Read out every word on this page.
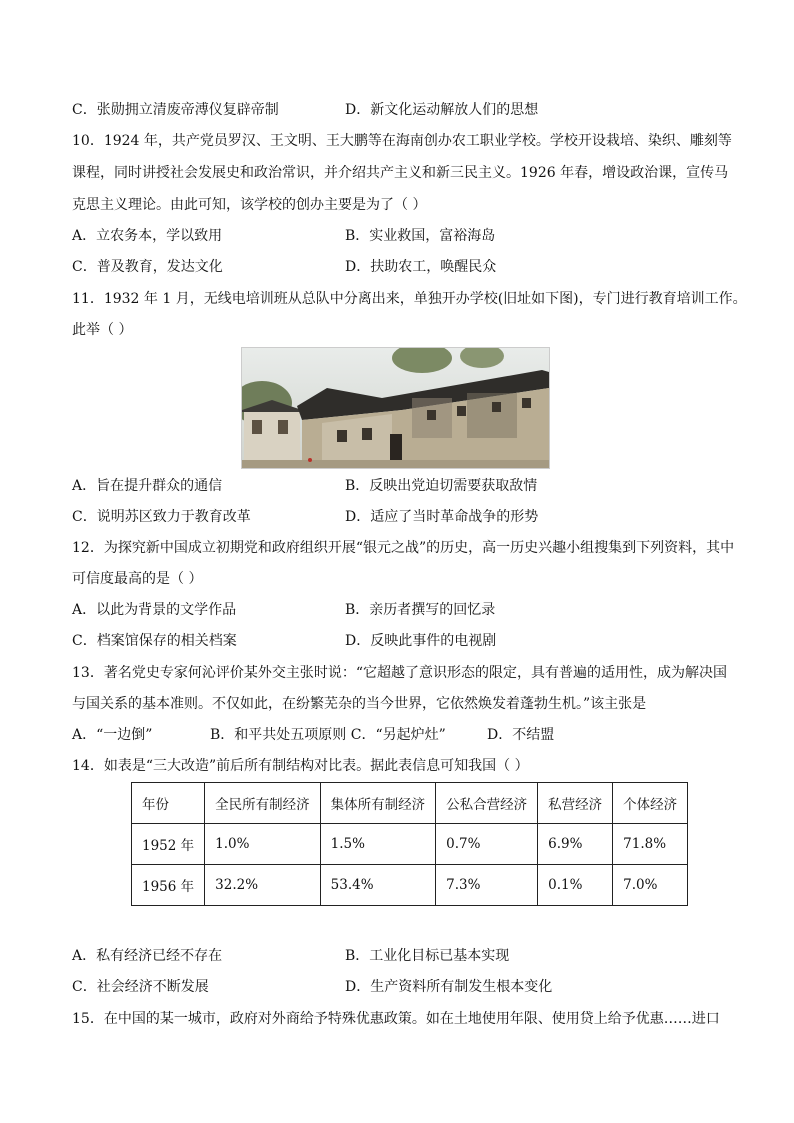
C．张勋拥立清废帝溥仪复辟帝制	D．新文化运动解放人们的思想
10．1924 年，共产党员罗汉、王文明、王大鹏等在海南创办农工职业学校。学校开设栽培、染织、雕刻等
课程，同时讲授社会发展史和政治常识，并介绍共产主义和新三民主义。1926 年春，增设政治课，宣传马
克思主义理论。由此可知，该学校的创办主要是为了（ ）
A．立农务本，学以致用	B．实业救国，富裕海岛
C．普及教育，发达文化	D．扶助农工，唤醒民众
11．1932 年 1 月，无线电培训班从总队中分离出来，单独开办学校(旧址如下图)，专门进行教育培训工作。
此举（ ）
A．旨在提升群众的通信	B．反映出党迫切需要获取敌情
C．说明苏区致力于教育改革	D．适应了当时革命战争的形势
12．为探究新中国成立初期党和政府组织开展“银元之战”的历史，高一历史兴趣小组搜集到下列资料，其中
可信度最高的是（ ）
A．以此为背景的文学作品	B．亲历者撰写的回忆录
C．档案馆保存的相关档案	D．反映此事件的电视剧
13．著名党史专家何沁评价某外交主张时说：“它超越了意识形态的限定，具有普遍的适用性，成为解决国
与国关系的基本准则。不仅如此，在纷繁芜杂的当今世界，它依然焕发着蓬勃生机。”该主张是
A．“一边倒”	B．和平共处五项原则 C．“另起炉灶”	D．不结盟
14．如表是“三大改造”前后所有制结构对比表。据此表信息可知我国（ ）
年份	全民所有制经济	集体所有制经济	公私合营经济	私营经济	个体经济
1952 年	1.0%	1.5%	0.7%	6.9%	71.8%
1956 年	32.2%	53.4%	7.3%	0.1%	7.0%
A．私有经济已经不存在	B．工业化目标已基本实现
C．社会经济不断发展	D．生产资料所有制发生根本变化
15．在中国的某一城市，政府对外商给予特殊优惠政策。如在土地使用年限、使用贷上给予优惠……进口
